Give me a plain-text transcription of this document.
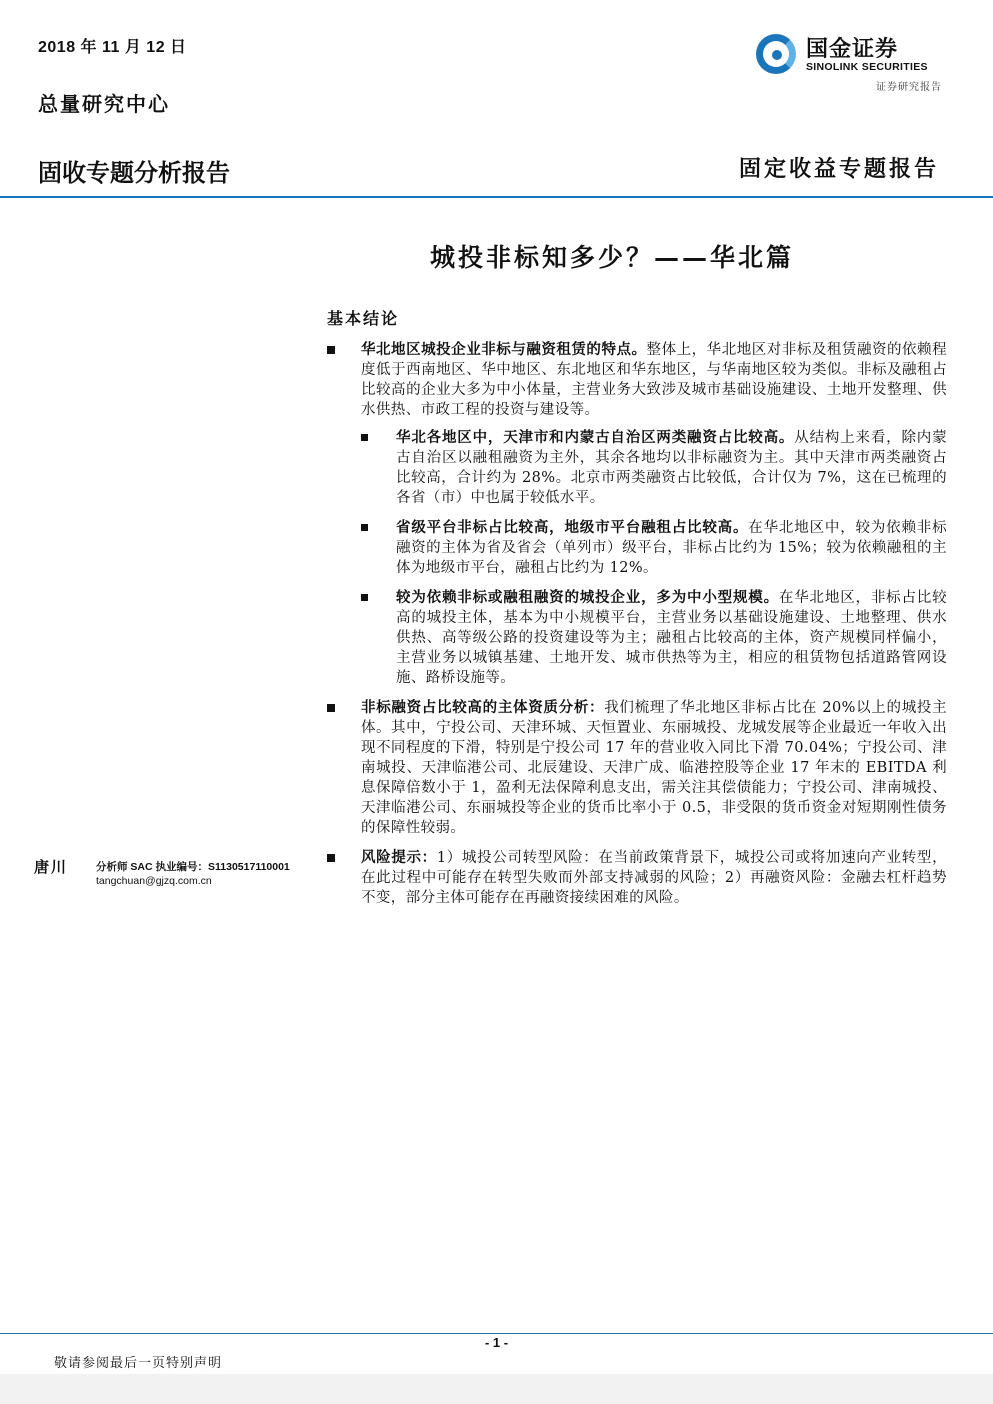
2018 年 11 月 12 日
总量研究中心
国金证券
SINOLINK SECURITIES
证券研究报告
固收专题分析报告	固定收益专题报告
城投非标知多少？——华北篇
基本结论
华北地区城投企业非标与融资租赁的特点。整体上，华北地区对非标及租赁融资的依赖程度低于西南地区、华中地区、东北地区和华东地区，与华南地区较为类似。非标及融租占比较高的企业大多为中小体量，主营业务大致涉及城市基础设施建设、土地开发整理、供水供热、市政工程的投资与建设等。
华北各地区中，天津市和内蒙古自治区两类融资占比较高。从结构上来看，除内蒙古自治区以融租融资为主外，其余各地均以非标融资为主。其中天津市两类融资占比较高，合计约为 28%。北京市两类融资占比较低，合计仅为 7%，这在已梳理的各省（市）中也属于较低水平。
省级平台非标占比较高，地级市平台融租占比较高。在华北地区中，较为依赖非标融资的主体为省及省会（单列市）级平台，非标占比约为 15%；较为依赖融租的主体为地级市平台，融租占比约为 12%。
较为依赖非标或融租融资的城投企业，多为中小型规模。在华北地区，非标占比较高的城投主体，基本为中小规模平台，主营业务以基础设施建设、土地整理、供水供热、高等级公路的投资建设等为主；融租占比较高的主体，资产规模同样偏小，主营业务以城镇基建、土地开发、城市供热等为主，相应的租赁物包括道路管网设施、路桥设施等。
非标融资占比较高的主体资质分析：我们梳理了华北地区非标占比在 20%以上的城投主体。其中，宁投公司、天津环城、天恒置业、东丽城投、龙城发展等企业最近一年收入出现不同程度的下滑，特别是宁投公司 17 年的营业收入同比下滑 70.04%；宁投公司、津南城投、天津临港公司、北辰建设、天津广成、临港控股等企业 17 年末的 EBITDA 利息保障倍数小于 1，盈利无法保障利息支出，需关注其偿债能力；宁投公司、津南城投、天津临港公司、东丽城投等企业的货币比率小于 0.5，非受限的货币资金对短期刚性债务的保障性较弱。
风险提示：1）城投公司转型风险：在当前政策背景下，城投公司或将加速向产业转型，在此过程中可能存在转型失败而外部支持减弱的风险；2）再融资风险：金融去杠杆趋势不变，部分主体可能存在再融资接续困难的风险。
唐川	分析师 SAC 执业编号：S1130517110001
tangchuan@gjzq.com.cn
- 1 -
敬请参阅最后一页特别声明
